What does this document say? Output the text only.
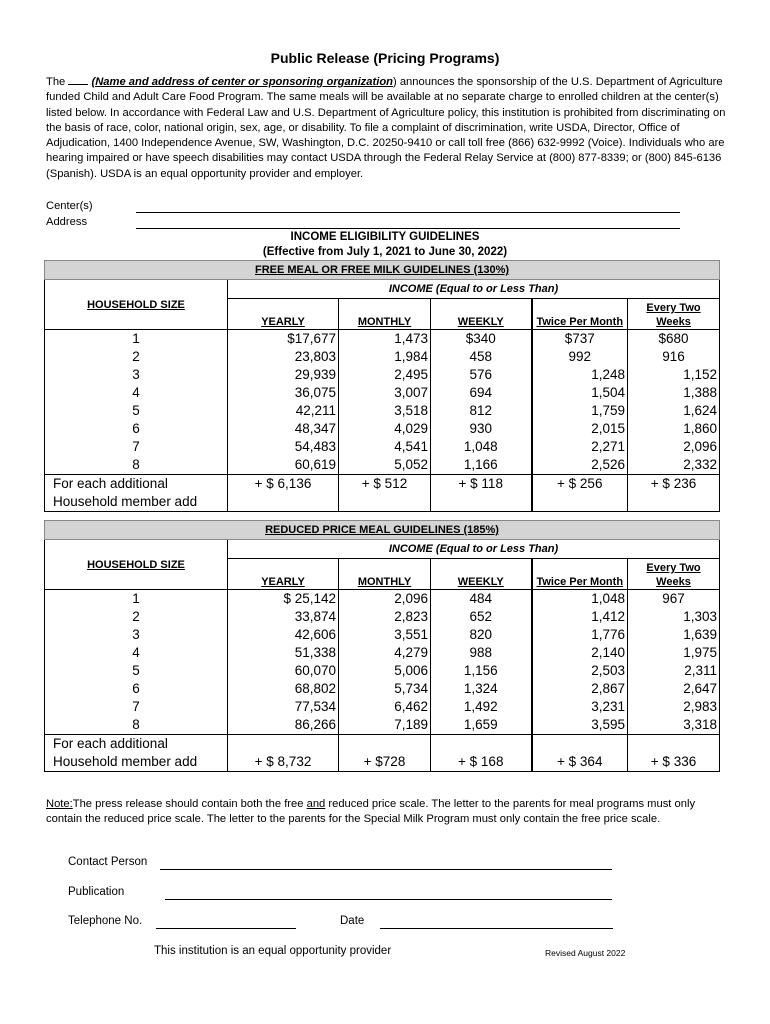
Public Release (Pricing Programs)
The (Name and address of center or sponsoring organization) announces the sponsorship of the U.S. Department of Agriculture funded Child and Adult Care Food Program. The same meals will be available at no separate charge to enrolled children at the center(s) listed below. In accordance with Federal Law and U.S. Department of Agriculture policy, this institution is prohibited from discriminating on the basis of race, color, national origin, sex, age, or disability. To file a complaint of discrimination, write USDA, Director, Office of Adjudication, 1400 Independence Avenue, SW, Washington, D.C. 20250-9410 or call toll free (866) 632-9992 (Voice). Individuals who are hearing impaired or have speech disabilities may contact USDA through the Federal Relay Service at (800) 877-8339; or (800) 845-6136 (Spanish). USDA is an equal opportunity provider and employer.
Center(s)
Address
INCOME ELIGIBILITY GUIDELINES
(Effective from July 1, 2021 to June 30, 2022)
FREE MEAL OR FREE MILK GUIDELINES (130%)					
HOUSEHOLD SIZE	INCOME (Equal to or Less Than)				
	YEARLY	MONTHLY	WEEKLY	Twice Per Month	Every Two Weeks
1	$17,677	1,473	$340	$737	$680
2	23,803	1,984	458	992	916
3	29,939	2,495	576	1,248	1,152
4	36,075	3,007	694	1,504	1,388
5	42,211	3,518	812	1,759	1,624
6	48,347	4,029	930	2,015	1,860
7	54,483	4,541	1,048	2,271	2,096
8	60,619	5,052	1,166	2,526	2,332

For each additional
Household member add	+ $ 6,136	+ $ 512	+ $ 118	+ $ 256	+ $ 236
REDUCED PRICE MEAL GUIDELINES (185%)					
HOUSEHOLD SIZE	INCOME (Equal to or Less Than)				
	YEARLY	MONTHLY	WEEKLY	Twice Per Month	Every Two Weeks
1	$ 25,142	2,096	484	1,048	967
2	33,874	2,823	652	1,412	1,303
3	42,606	3,551	820	1,776	1,639
4	51,338	4,279	988	2,140	1,975
5	60,070	5,006	1,156	2,503	2,311
6	68,802	5,734	1,324	2,867	2,647
7	77,534	6,462	1,492	3,231	2,983
8	86,266	7,189	1,659	3,595	3,318

For each additional
Household member add	+ $ 8,732	+ $728	+ $ 168	+ $ 364	+ $ 336
Note:The press release should contain both the free and reduced price scale. The letter to the parents for meal programs must only contain the reduced price scale. The letter to the parents for the Special Milk Program must only contain the free price scale.
Contact Person
Publication
Telephone No.	Date
This institution is an equal opportunity provider	Revised August 2022
